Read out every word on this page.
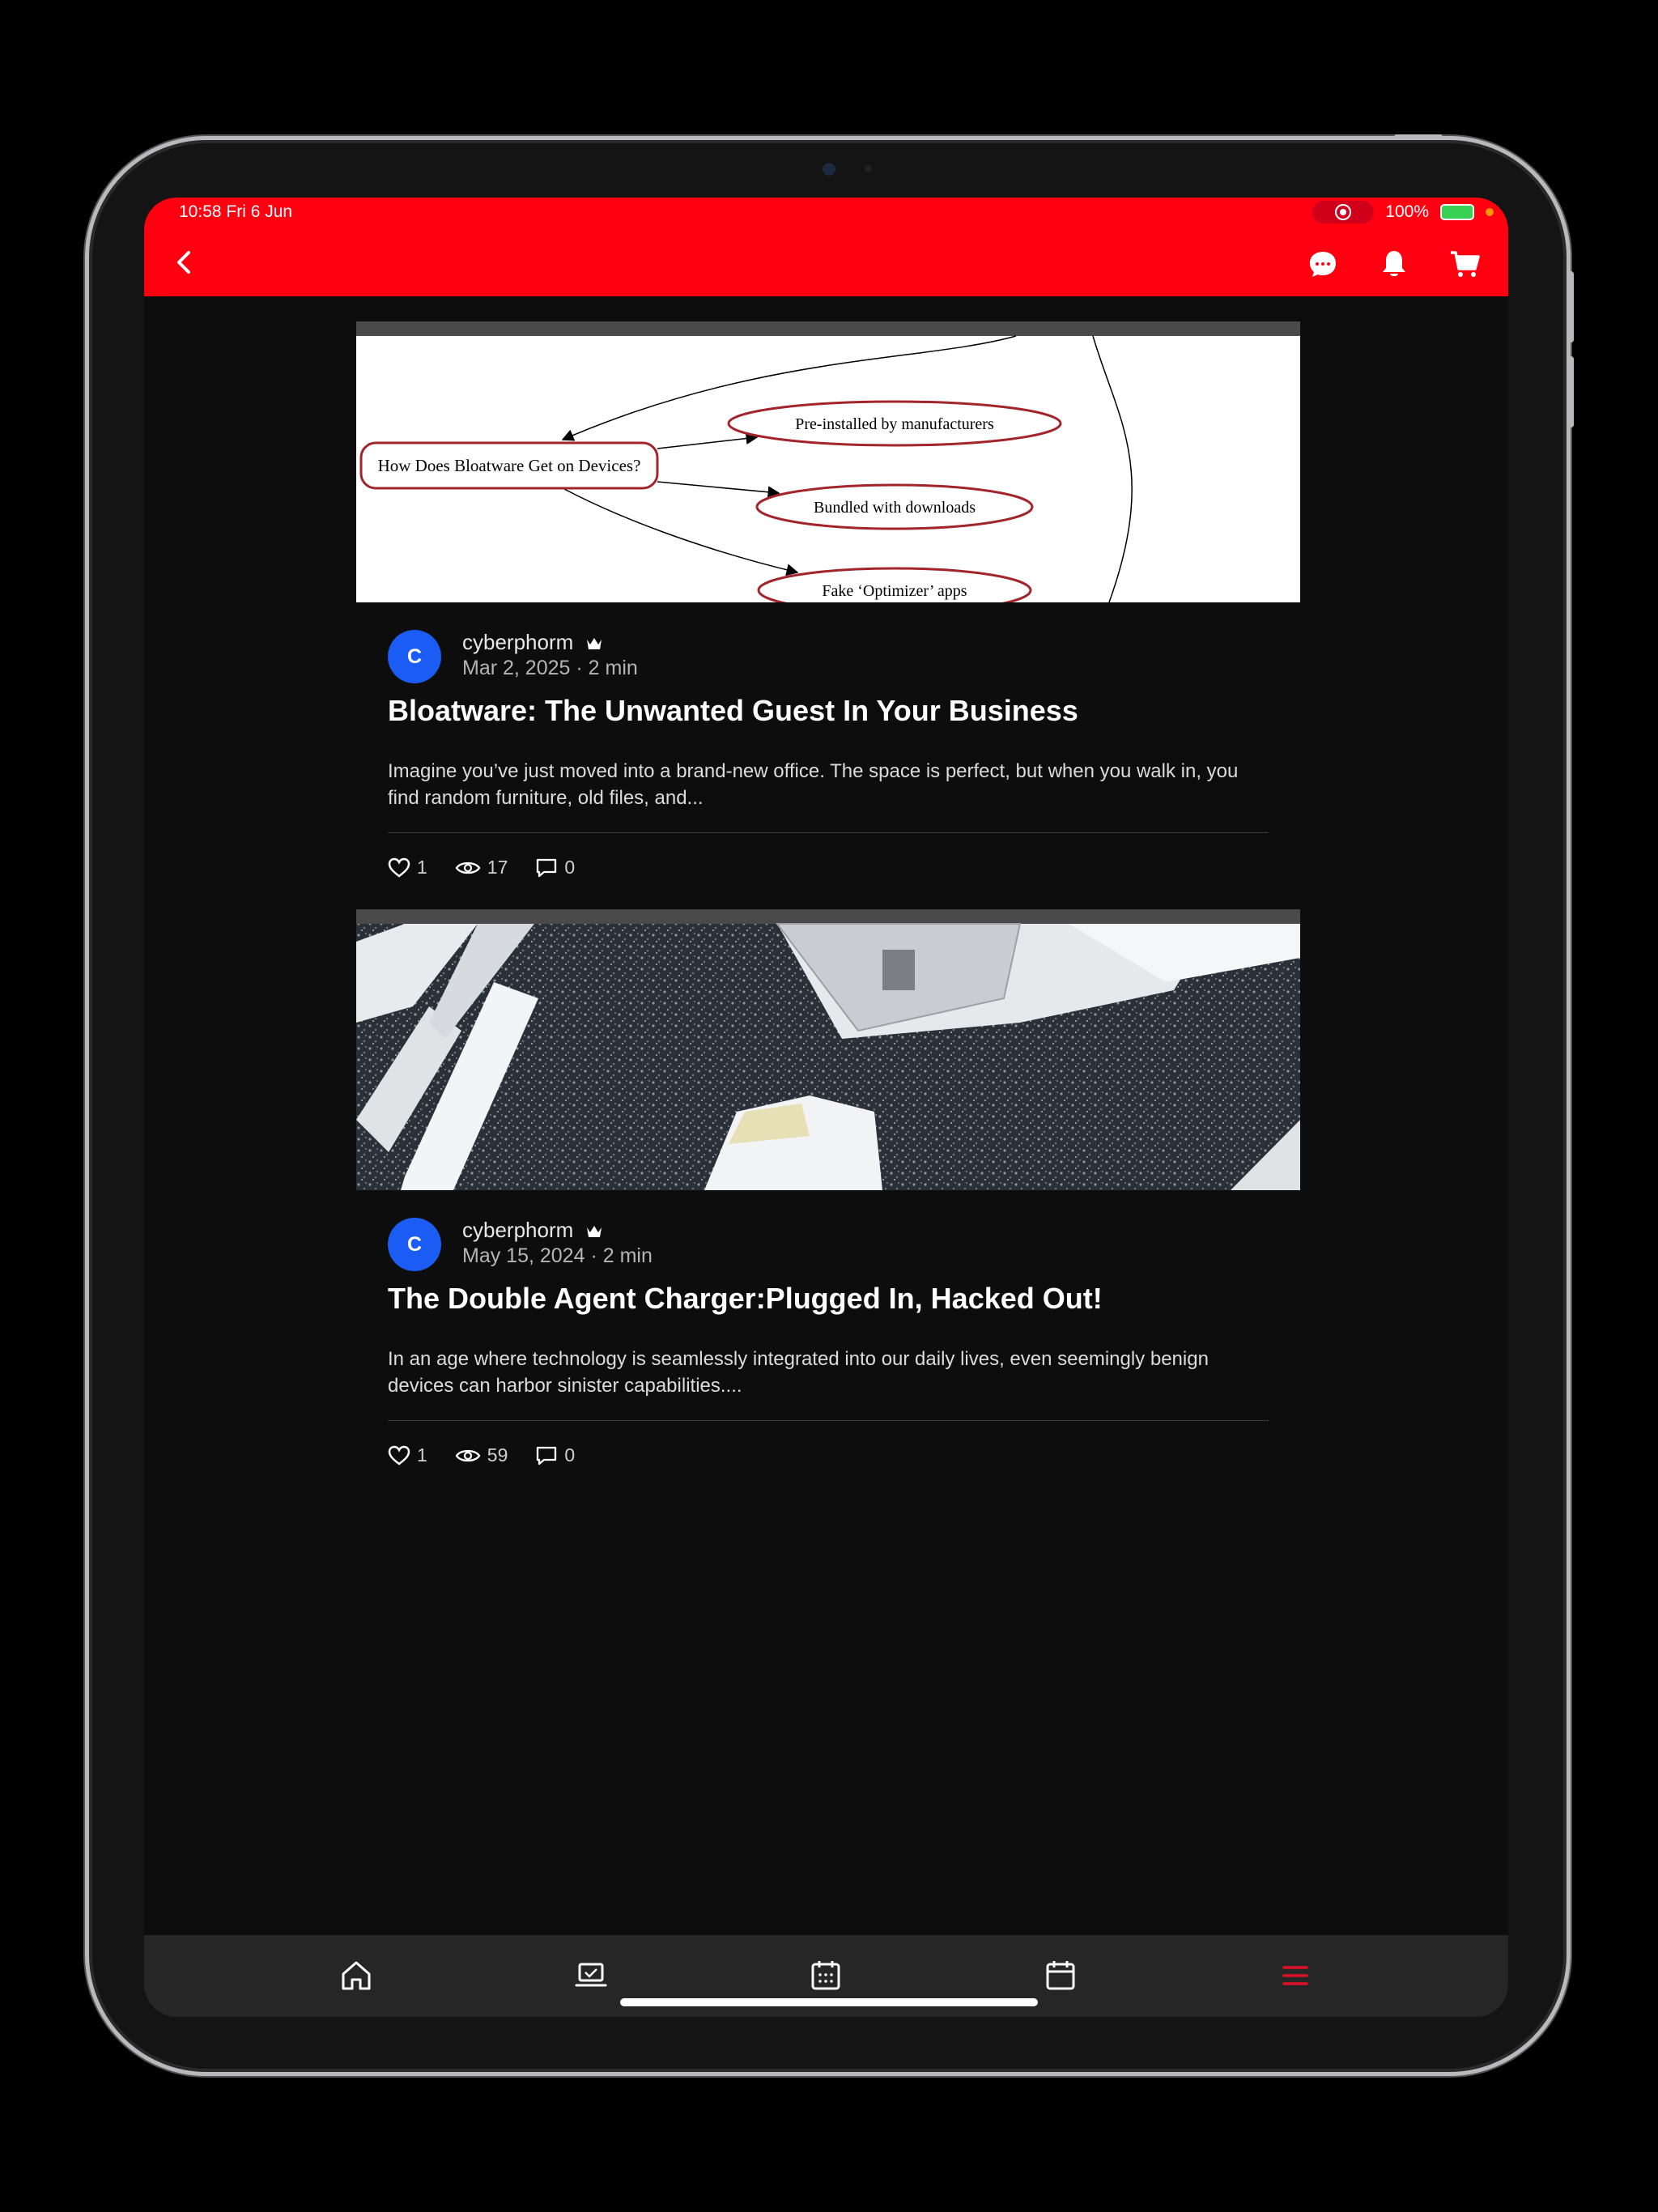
10:58 Fri 6 Jun	100%
How Does Bloatware Get on Devices?
Pre-installed by manufacturers
Bundled with downloads
Fake ‘Optimizer’ apps
C
cyberphorm
Mar 2, 2025 · 2 min
Bloatware: The Unwanted Guest In Your Business
Imagine you’ve just moved into a brand-new office. The space is perfect, but when you walk in, you find random furniture, old files, and...
1	17	0
C
cyberphorm
May 15, 2024 · 2 min
The Double Agent Charger:Plugged In, Hacked Out!
In an age where technology is seamlessly integrated into our daily lives, even seemingly benign devices can harbor sinister capabilities....
1	59	0
